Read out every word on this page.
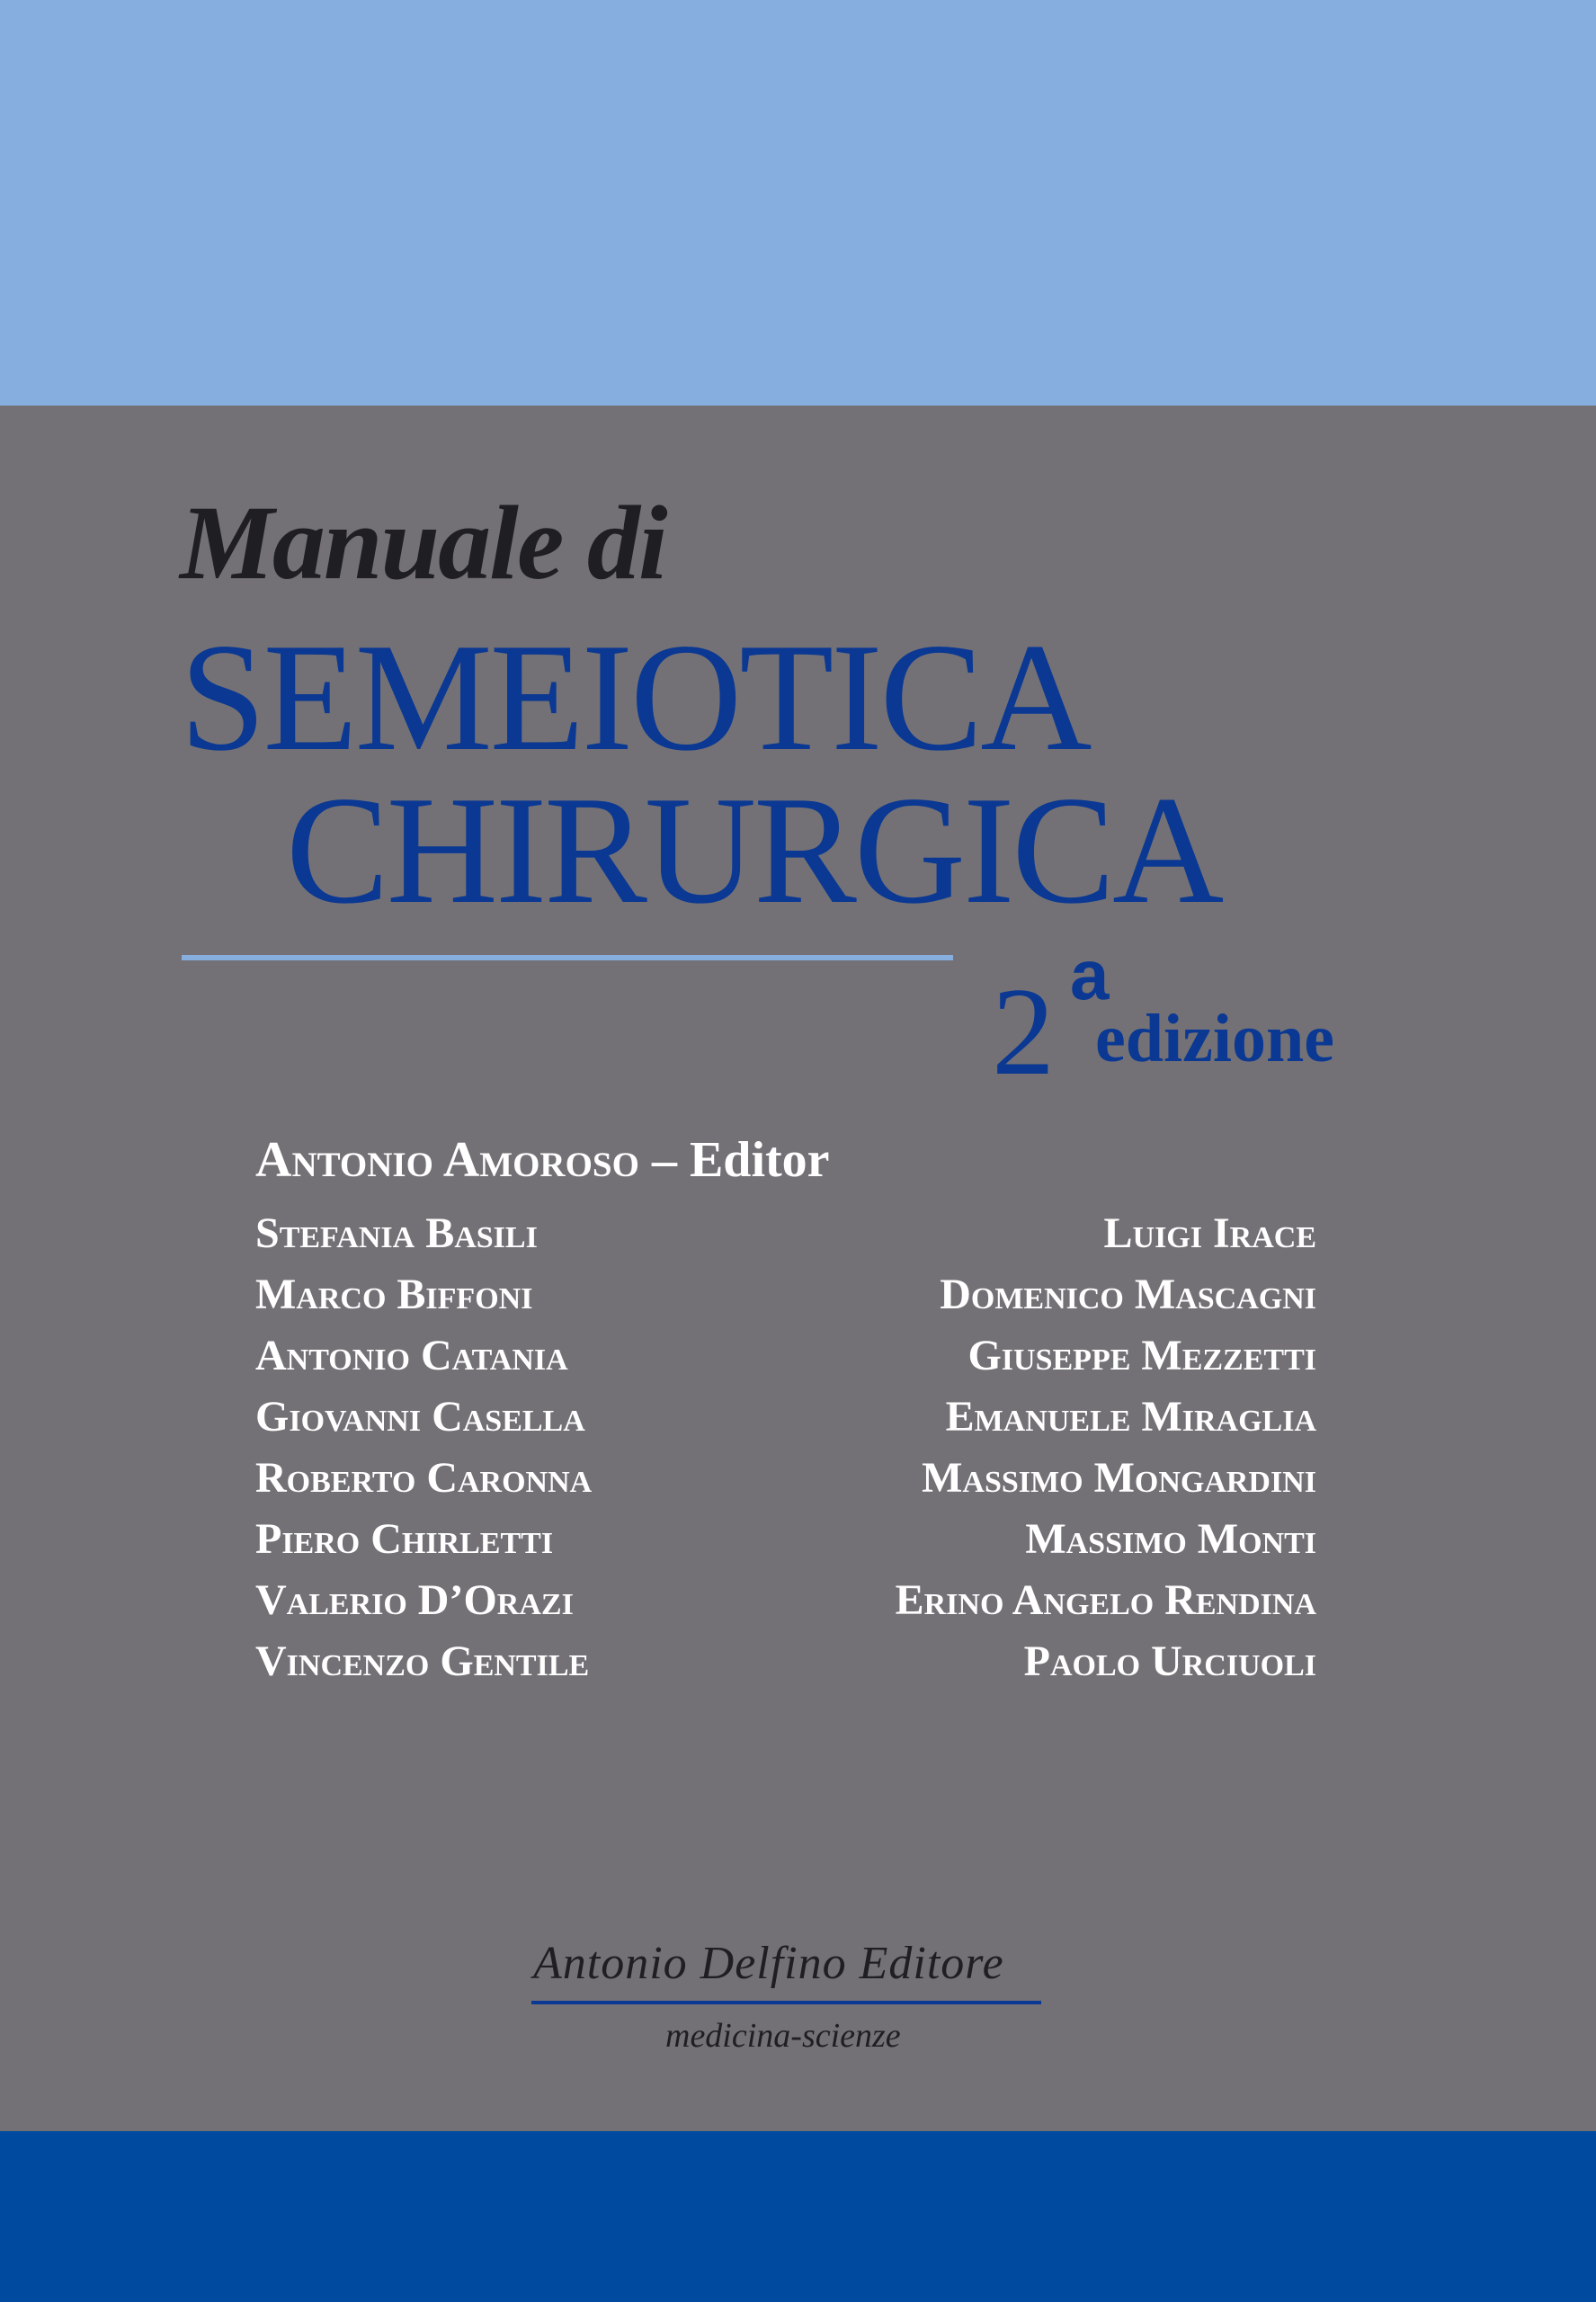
Manuale di
SEMEIOTICA
CHIRURGICA
2 a
edizione
Antonio Amoroso – Editor
Stefania Basili
Marco Biffoni
Antonio Catania
Giovanni Casella
Roberto Caronna
Piero Chirletti
Valerio D’Orazi
Vincenzo Gentile
Luigi Irace
Domenico Mascagni
Giuseppe Mezzetti
Emanuele Miraglia
Massimo Mongardini
Massimo Monti
Erino Angelo Rendina
Paolo Urciuoli
Antonio Delfino Editore
medicina-scienze
